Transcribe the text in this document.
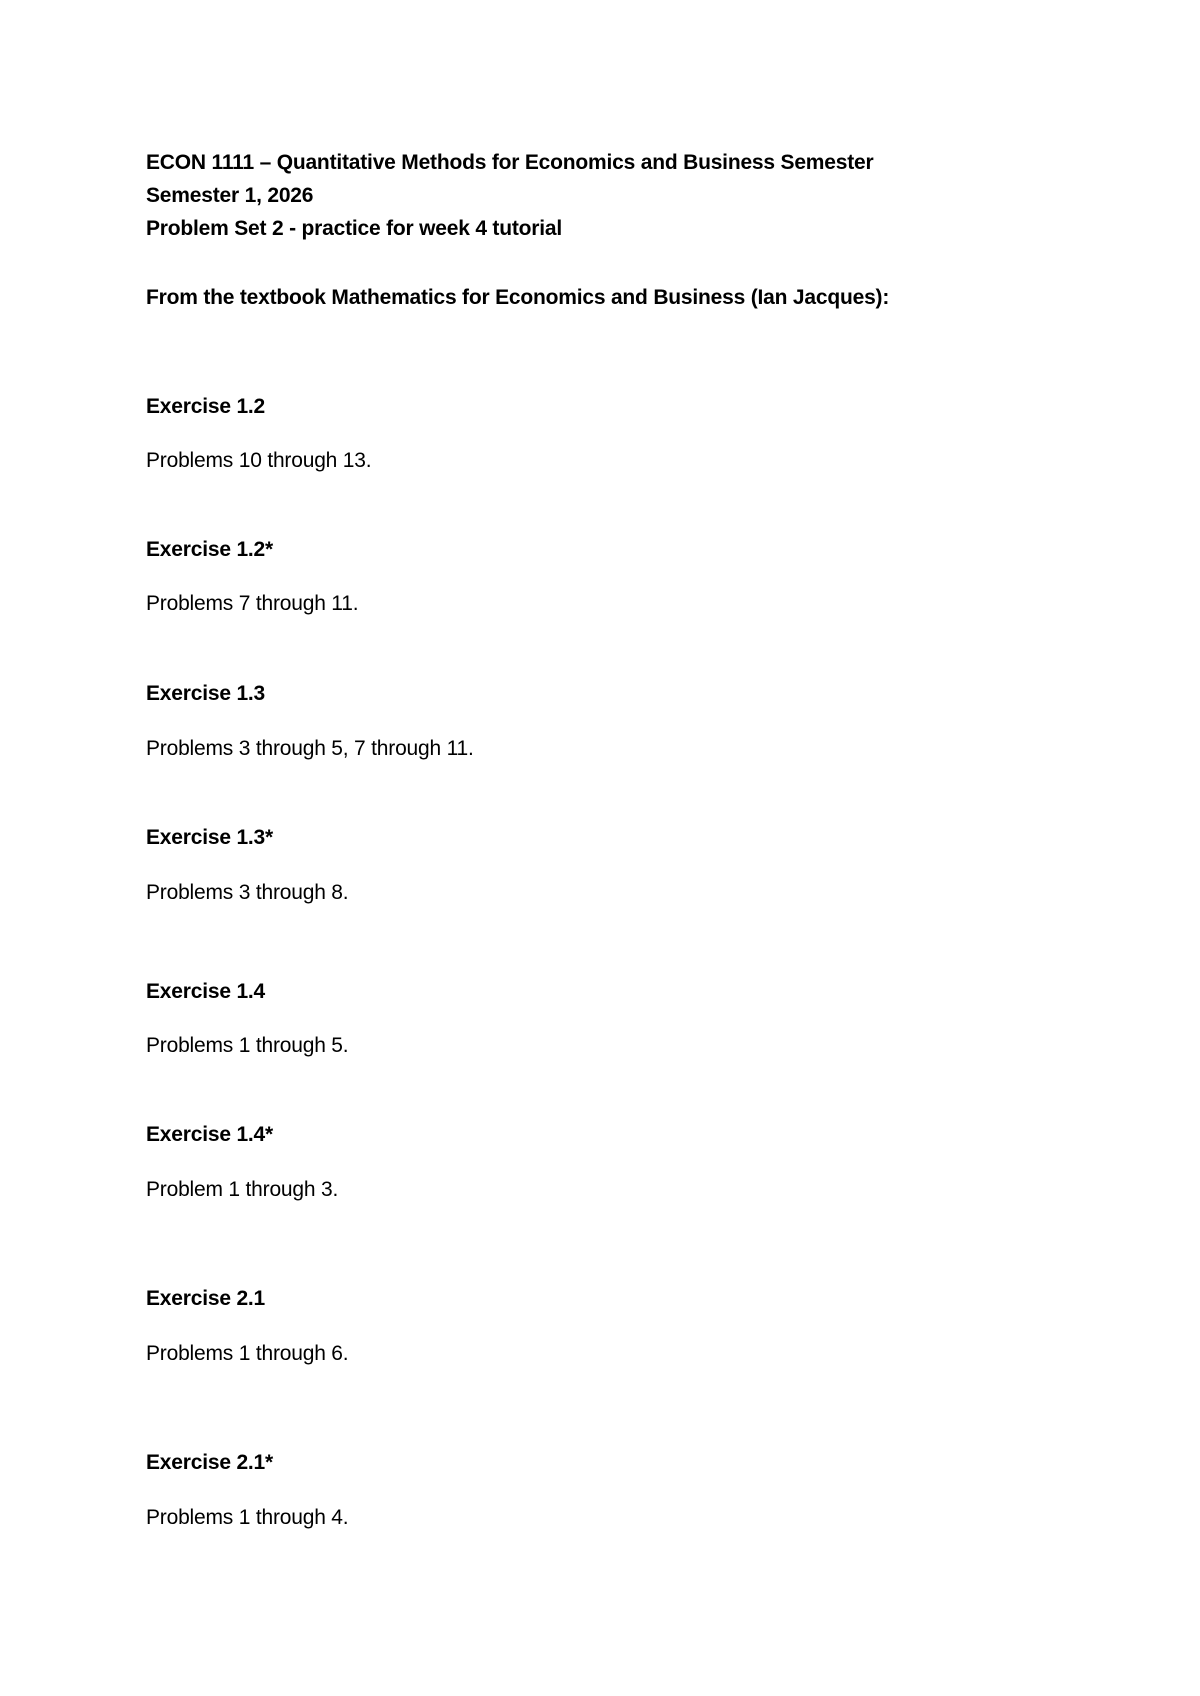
ECON 1111 – Quantitative Methods for Economics and Business Semester

Semester 1, 2026

Problem Set 2 - practice for week 4 tutorial

From the textbook Mathematics for Economics and Business (Ian Jacques):

Exercise 1.2

Problems 10 through 13.

Exercise 1.2*

Problems 7 through 11.

Exercise 1.3

Problems 3 through 5, 7 through 11.

Exercise 1.3*

Problems 3 through 8.

Exercise 1.4

Problems 1 through 5.

Exercise 1.4*

Problem 1 through 3.

Exercise 2.1

Problems 1 through 6.

Exercise 2.1*

Problems 1 through 4.
